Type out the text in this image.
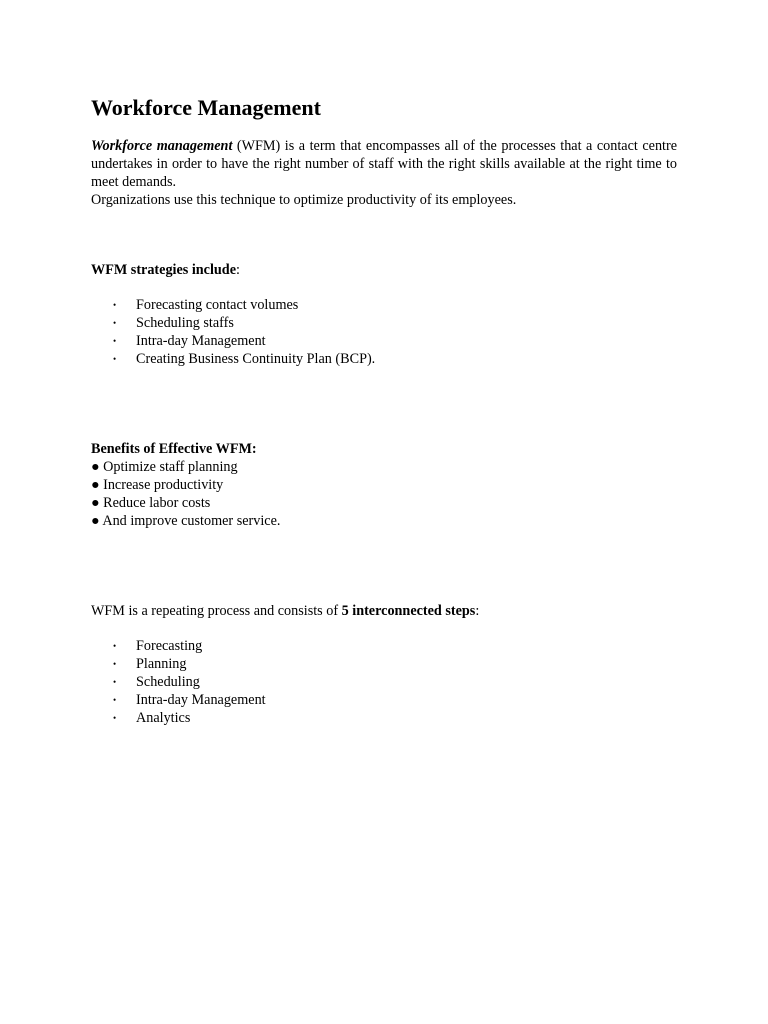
Workforce Management
Workforce management (WFM) is a term that encompasses all of the processes that a contact centre undertakes in order to have the right number of staff with the right skills available at the right time to meet demands.

Organizations use this technique to optimize productivity of its employees.

WFM strategies include:

• Forecasting contact volumes
• Scheduling staffs
• Intra-day Management
• Creating Business Continuity Plan (BCP).

Benefits of Effective WFM:

● Optimize staff planning
● Increase productivity
● Reduce labor costs
● And improve customer service.

WFM is a repeating process and consists of 5 interconnected steps:

• Forecasting
• Planning
• Scheduling
• Intra-day Management
• Analytics
